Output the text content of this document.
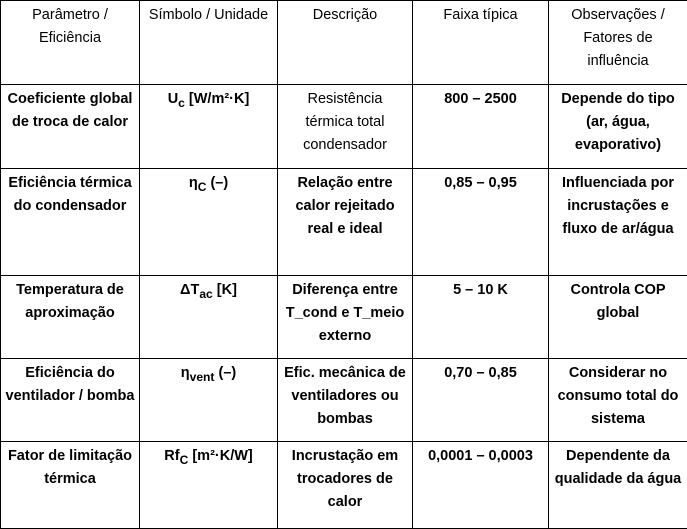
Parâmetro / Eficiência	Símbolo / Unidade	Descrição	Faixa típica	Observações / Fatores de influência
Coeficiente global de troca de calor	$U_c$ [W/m²·K]	Resistência térmica total condensador	800 – 2500	Depende do tipo (ar, água, evaporativo)
Eficiência térmica do condensador	$\eta_C$ (–)	Relação entre calor rejeitado real e ideal	0,85 – 0,95	Influenciada por incrustações e fluxo de ar/água
Temperatura de aproximação	$\Delta T_{ac}$ [K]	Diferença entre T_cond e T_meio externo	5 – 10 K	Controla COP global
Eficiência do ventilador / bomba	$\eta_{vent}$ (–)	Efic. mecânica de ventiladores ou bombas	0,70 – 0,85	Considerar no consumo total do sistema
Fator de limitação térmica	$Rf_C$ [m²·K/W]	Incrustação em trocadores de calor	0,0001 – 0,0003	Dependente da qualidade da água
